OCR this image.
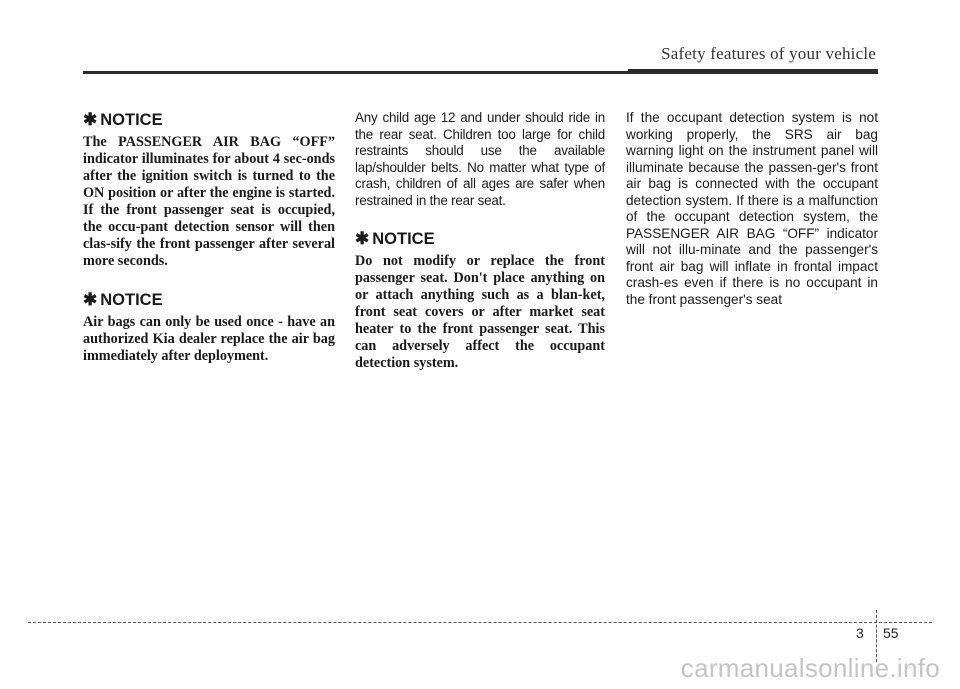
Safety features of your vehicle
✱ NOTICE

The PASSENGER AIR BAG “OFF” indicator illuminates for about 4 sec-onds after the ignition switch is turned to the ON position or after the engine is started. If the front passenger seat is occupied, the occu-pant detection sensor will then clas-sify the front passenger after several more seconds.

✱ NOTICE

Air bags can only be used once - have an authorized Kia dealer replace the air bag immediately after deployment.

Any child age 12 and under should ride in the rear seat. Children too large for child restraints should use the available lap/shoulder belts. No matter what type of crash, children of all ages are safer when restrained in the rear seat.

✱ NOTICE

Do not modify or replace the front passenger seat. Don't place anything on or attach anything such as a blan-ket, front seat covers or after market seat heater to the front passenger seat. This can adversely affect the occupant detection system.

If the occupant detection system is not working properly, the SRS air bag warning light on the instrument panel will illuminate because the passen-ger's front air bag is connected with the occupant detection system. If there is a malfunction of the occupant detection system, the PASSENGER AIR BAG “OFF” indicator will not illu-minate and the passenger's front air bag will inflate in frontal impact crash-es even if there is no occupant in the front passenger's seat

3 55
carmanualsonline.info
